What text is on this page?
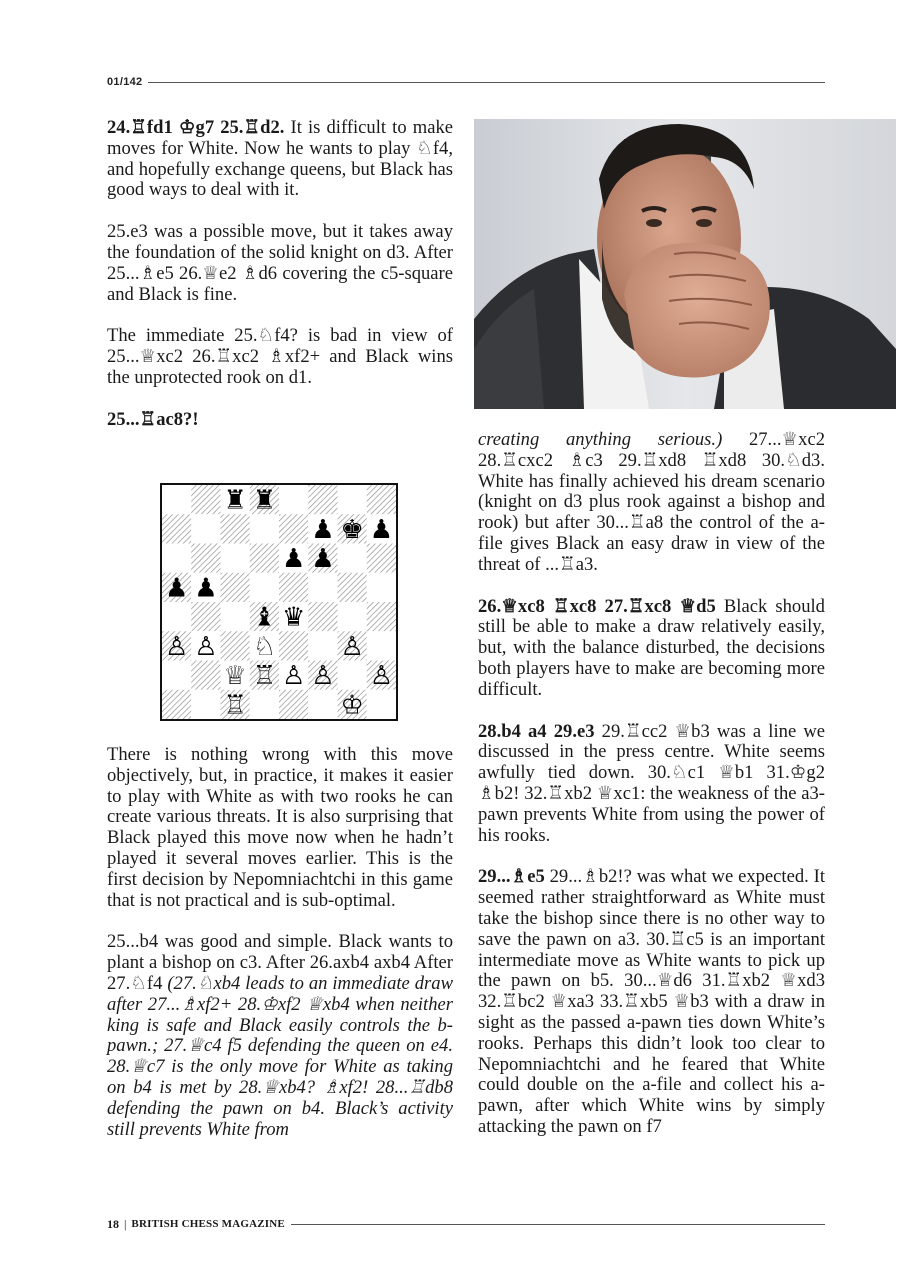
01/142

24.♖fd1 ♔g7 25.♖d2. It is difficult to make moves for White. Now he wants to play ♘f4, and hopefully exchange queens, but Black has good ways to deal with it.

25.e3 was a possible move, but it takes away the foundation of the solid knight on d3. After 25...♗e5 26.♕e2 ♗d6 covering the c5-square and Black is fine.

The immediate 25.♘f4? is bad in view of 25...♕xc2 26.♖xc2 ♗xf2+ and Black wins the unprotected rook on d1.

25...♖ac8?!

♜ ♜
♟ ♚ ♟
♟ ♟
♟ ♟
♝ ♛
♙ ♙ ♘ ♙
♕ ♖ ♙ ♙ ♙
♖	♔

There is nothing wrong with this move objectively, but, in practice, it makes it easier to play with White as with two rooks he can create various threats. It is also surprising that Black played this move now when he hadn’t played it several moves earlier. This is the first decision by Nepomniachtchi in this game that is not practical and is sub-optimal.

25...b4 was good and simple. Black wants to plant a bishop on c3. After 26.axb4 axb4 After 27.♘f4 (27.♘xb4 leads to an immediate draw after 27...♗xf2+ 28.♔xf2 ♕xb4 when neither king is safe and Black easily controls the b-pawn.; 27.♕c4 f5 defending the queen on e4. 28.♕c7 is the only move for White as taking on b4 is met by 28.♕xb4? ♗xf2! 28...♖db8 defending the pawn on b4. Black’s activity still prevents White from

creating anything serious.) 27...♕xc2 28.♖cxc2 ♗c3 29.♖xd8 ♖xd8 30.♘d3. White has finally achieved his dream scenario (knight on d3 plus rook against a bishop and rook) but after 30...♖a8 the control of the a-file gives Black an easy draw in view of the threat of ...♖a3.

26.♕xc8 ♖xc8 27.♖xc8 ♕d5 Black should still be able to make a draw relatively easily, but, with the balance disturbed, the decisions both players have to make are becoming more difficult.

28.b4 a4 29.e3 29.♖cc2 ♕b3 was a line we discussed in the press centre. White seems awfully tied down. 30.♘c1 ♕b1 31.♔g2 ♗b2! 32.♖xb2 ♕xc1: the weakness of the a3-pawn prevents White from using the power of his rooks.

29...♗e5 29...♗b2!? was what we expected. It seemed rather straightforward as White must take the bishop since there is no other way to save the pawn on a3. 30.♖c5 is an important intermediate move as White wants to pick up the pawn on b5. 30...♕d6 31.♖xb2 ♕xd3 32.♖bc2 ♕xa3 33.♖xb5 ♕b3 with a draw in sight as the passed a-pawn ties down White’s rooks. Perhaps this didn’t look too clear to Nepomniachtchi and he feared that White could double on the a-file and collect his a-pawn, after which White wins by simply attacking the pawn on f7

18 | BRITISH CHESS MAGAZINE
